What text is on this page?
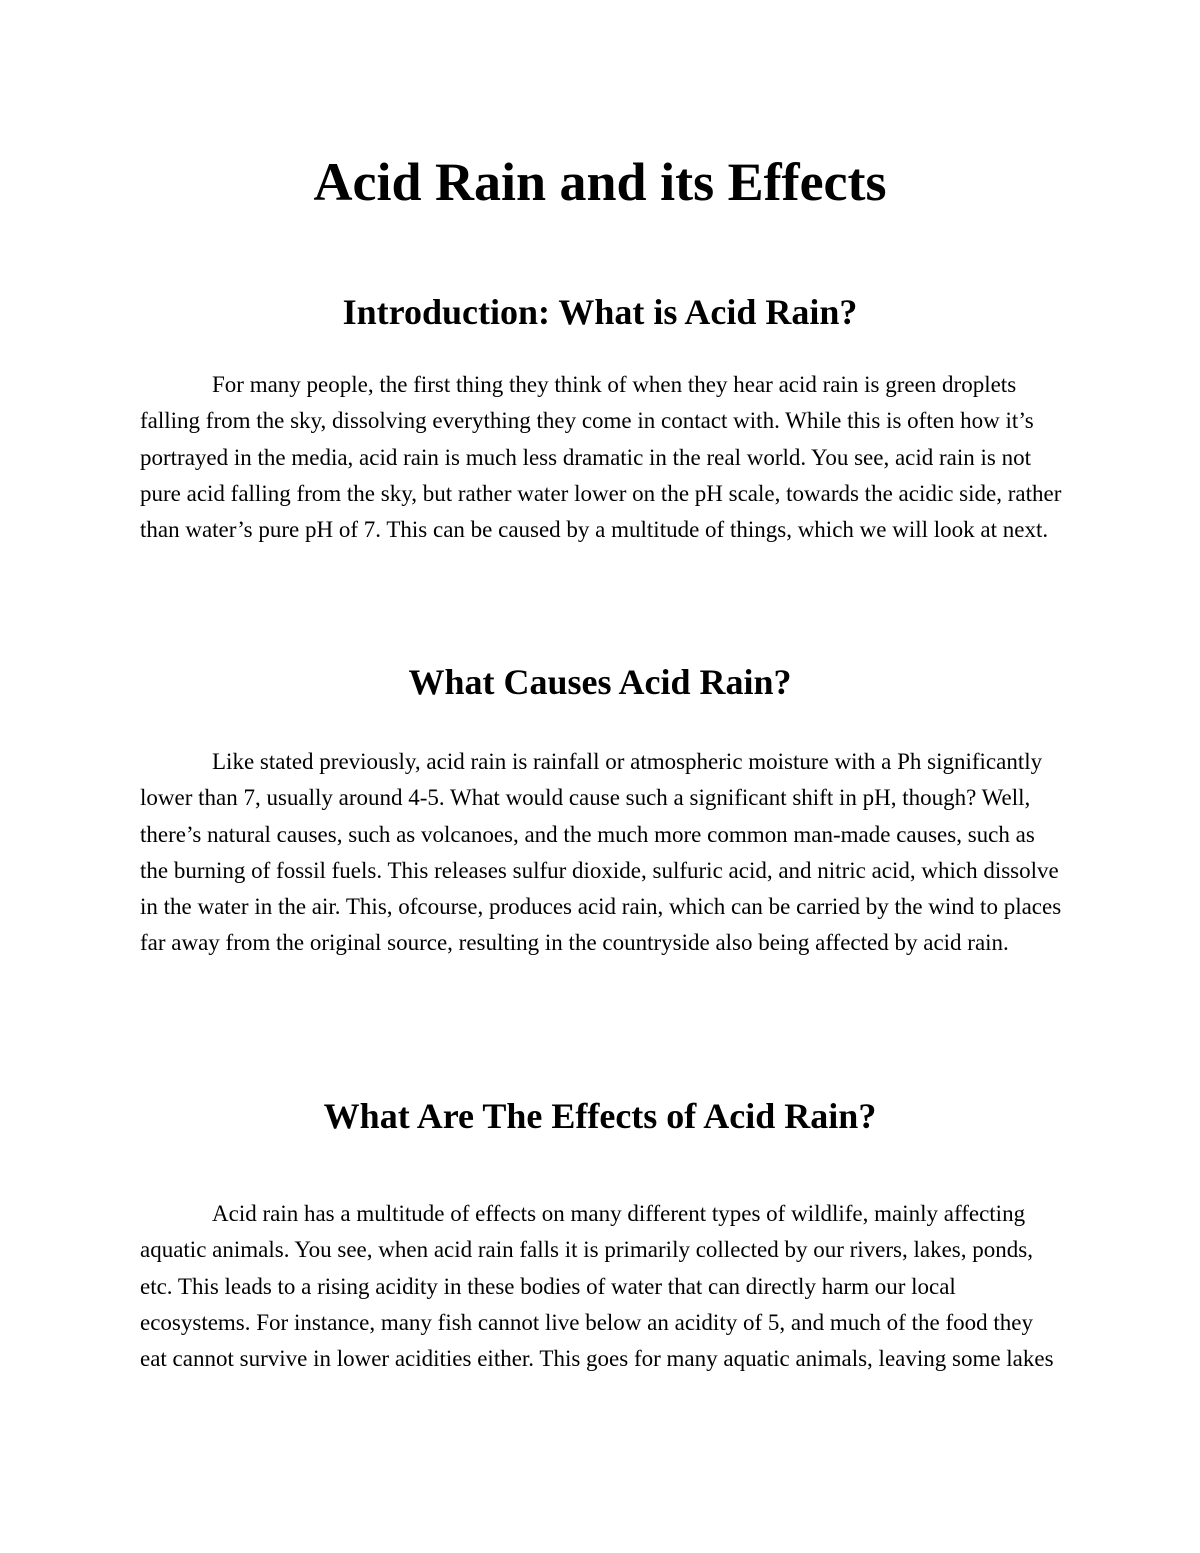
Acid Rain and its Effects
Introduction: What is Acid Rain?

For many people, the first thing they think of when they hear acid rain is green droplets falling from the sky, dissolving everything they come in contact with. While this is often how it’s portrayed in the media, acid rain is much less dramatic in the real world. You see, acid rain is not pure acid falling from the sky, but rather water lower on the pH scale, towards the acidic side, rather than water’s pure pH of 7. This can be caused by a multitude of things, which we will look at next.

What Causes Acid Rain?

Like stated previously, acid rain is rainfall or atmospheric moisture with a Ph significantly lower than 7, usually around 4-5. What would cause such a significant shift in pH, though? Well, there’s natural causes, such as volcanoes, and the much more common man-made causes, such as the burning of fossil fuels. This releases sulfur dioxide, sulfuric acid, and nitric acid, which dissolve in the water in the air. This, ofcourse, produces acid rain, which can be carried by the wind to places far away from the original source, resulting in the countryside also being affected by acid rain.

What Are The Effects of Acid Rain?

Acid rain has a multitude of effects on many different types of wildlife, mainly affecting aquatic animals. You see, when acid rain falls it is primarily collected by our rivers, lakes, ponds, etc. This leads to a rising acidity in these bodies of water that can directly harm our local ecosystems. For instance, many fish cannot live below an acidity of 5, and much of the food they eat cannot survive in lower acidities either. This goes for many aquatic animals, leaving some lakes
